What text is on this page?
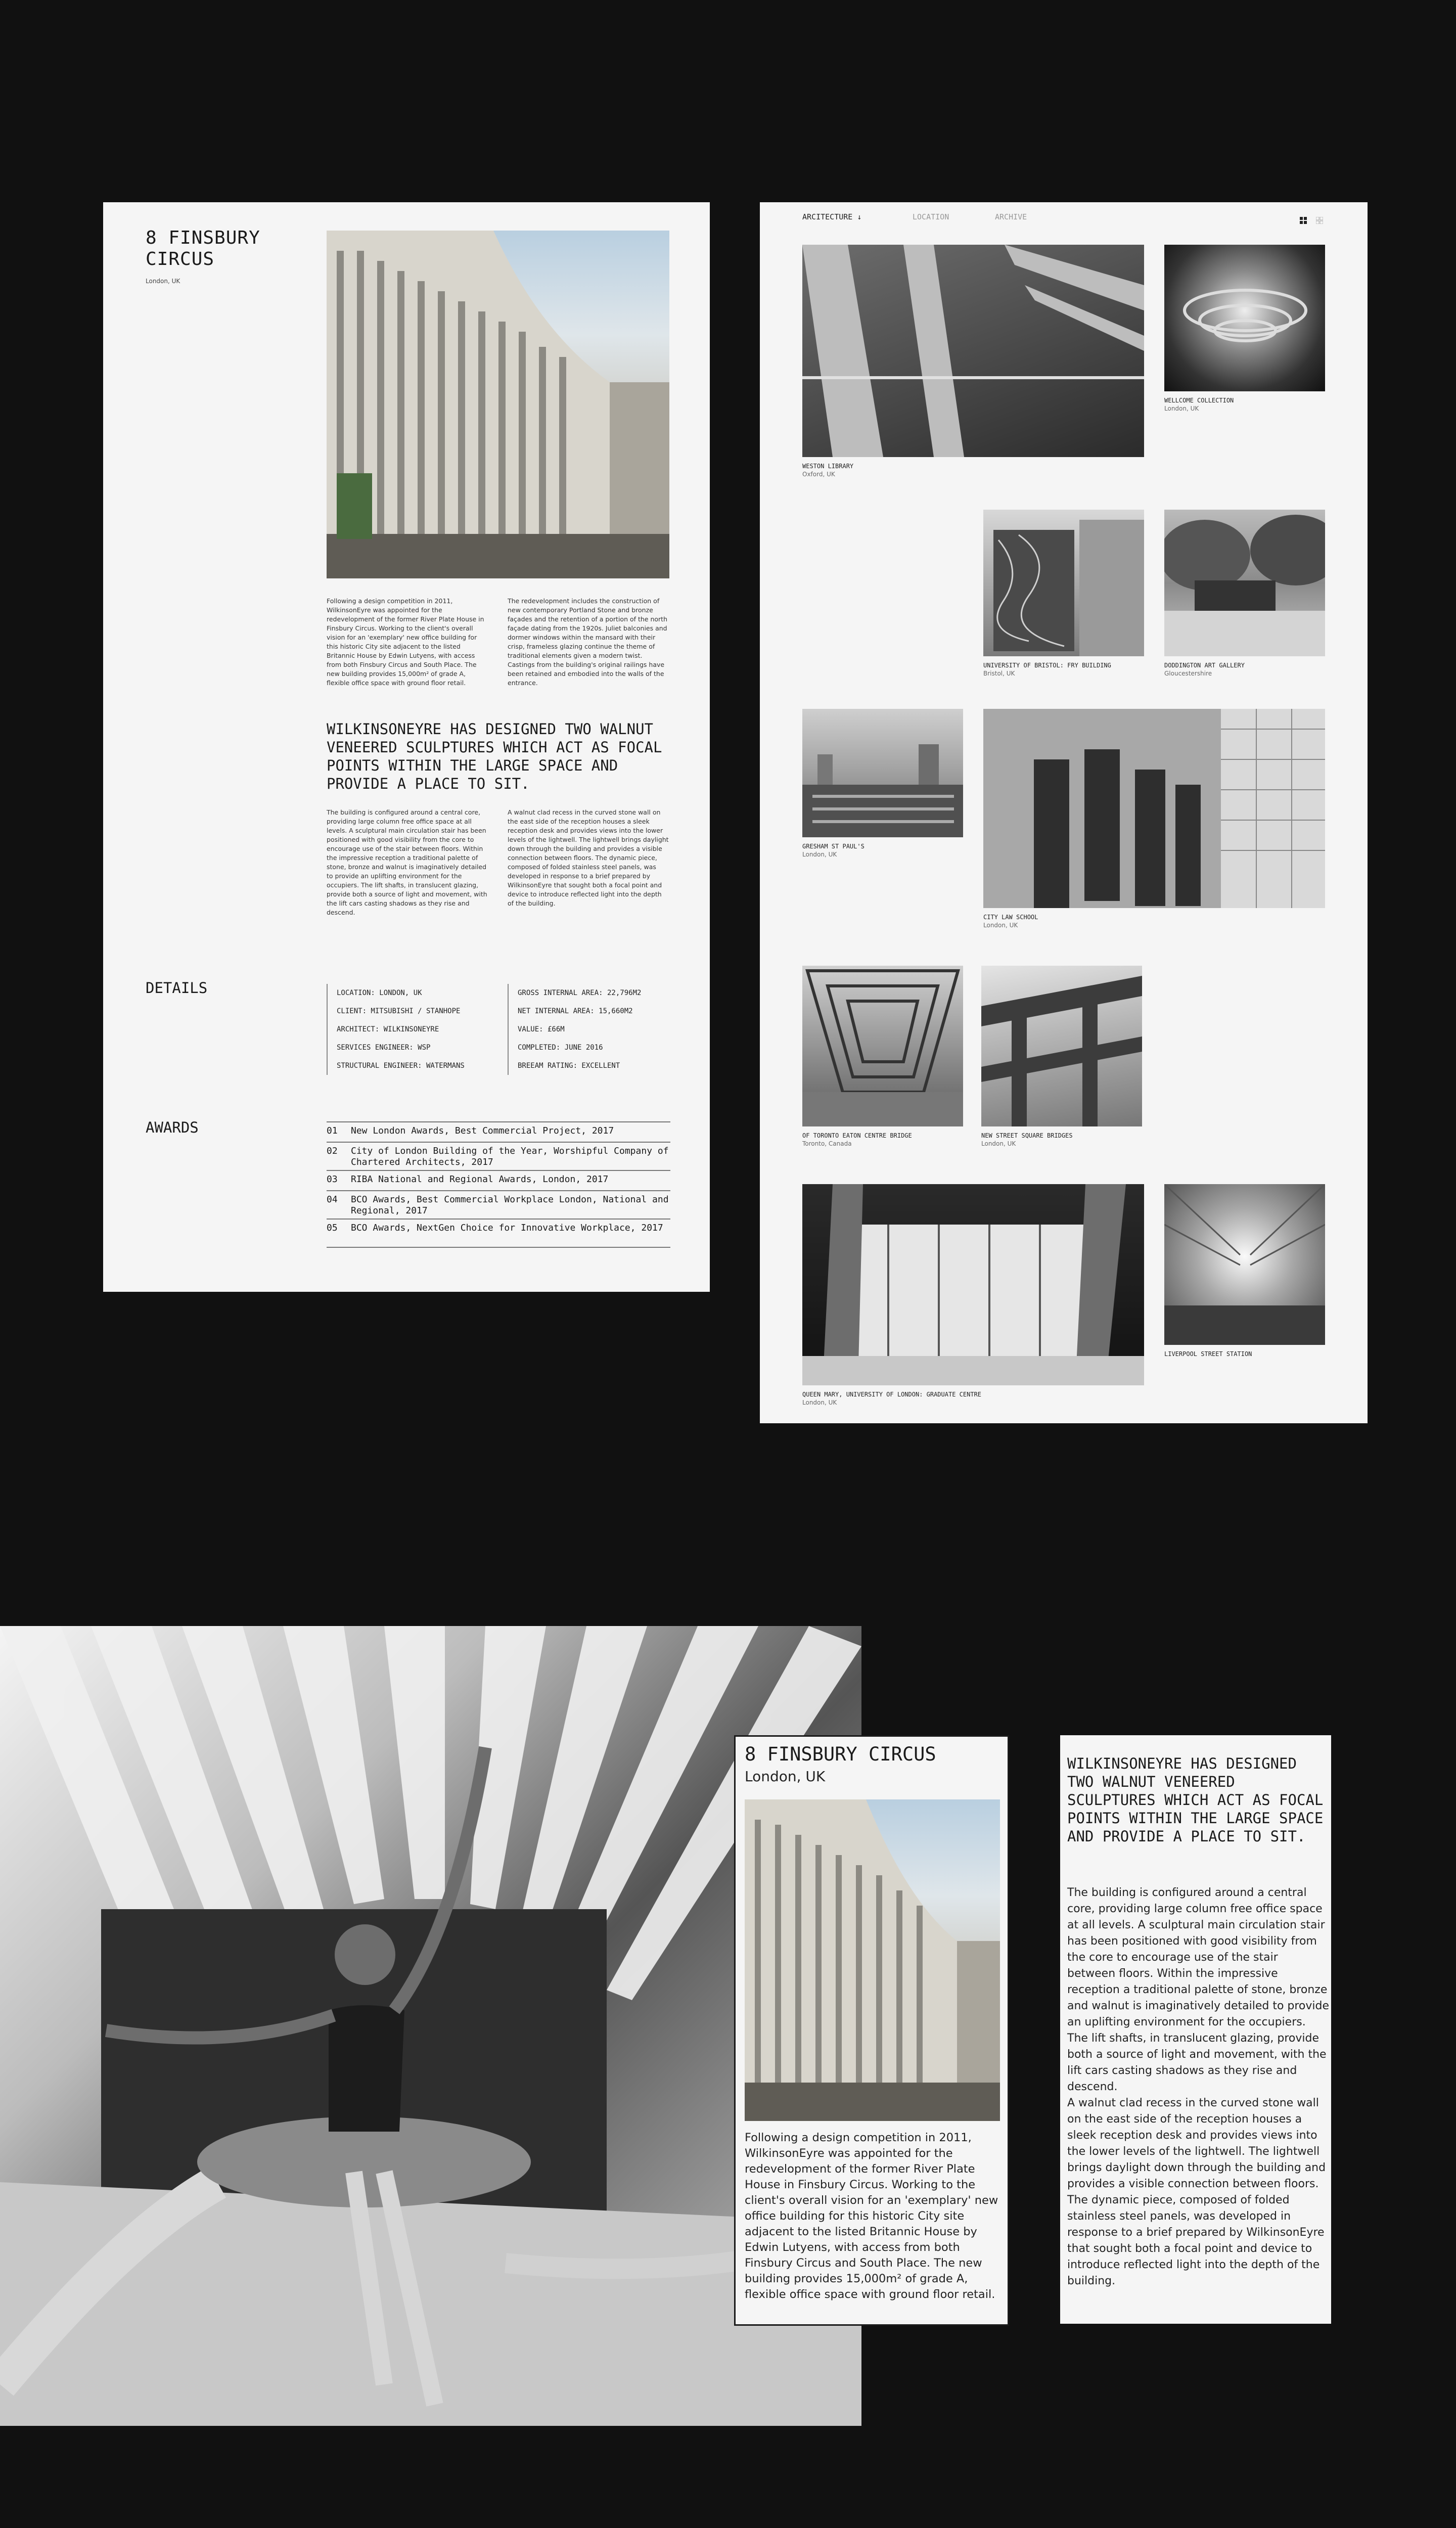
8 FINSBURY CIRCUS
London, UK
Following a design competition in 2011, WilkinsonEyre was appointed for the redevelopment of the former River Plate House in Finsbury Circus. Working to the client's overall vision for an 'exemplary' new office building for this historic City site adjacent to the listed Britannic House by Edwin Lutyens, with access from both Finsbury Circus and South Place. The new building provides 15,000m² of grade A, flexible office space with ground floor retail.
The redevelopment includes the construction of new contemporary Portland Stone and bronze façades and the retention of a portion of the north façade dating from the 1920s. Juliet balconies and dormer windows within the mansard with their crisp, frameless glazing continue the theme of traditional elements given a modern twist. Castings from the building's original railings have been retained and embodied into the walls of the entrance.
WILKINSONEYRE HAS DESIGNED TWO WALNUT VENEERED SCULPTURES WHICH ACT AS FOCAL POINTS WITHIN THE LARGE SPACE AND PROVIDE A PLACE TO SIT.
The building is configured around a central core, providing large column free office space at all levels. A sculptural main circulation stair has been positioned with good visibility from the core to encourage use of the stair between floors. Within the impressive reception a traditional palette of stone, bronze and walnut is imaginatively detailed to provide an uplifting environment for the occupiers. The lift shafts, in translucent glazing, provide both a source of light and movement, with the lift cars casting shadows as they rise and descend.
A walnut clad recess in the curved stone wall on the east side of the reception houses a sleek reception desk and provides views into the lower levels of the lightwell. The lightwell brings daylight down through the building and provides a visible connection between floors. The dynamic piece, composed of folded stainless steel panels, was developed in response to a brief prepared by WilkinsonEyre that sought both a focal point and device to introduce reflected light into the depth of the building.
DETAILS	LOCATION: LONDON, UK
CLIENT: MITSUBISHI / STANHOPE
ARCHITECT: WILKINSONEYRE
SERVICES ENGINEER: WSP
STRUCTURAL ENGINEER: WATERMANS
GROSS INTERNAL AREA: 22,796M2
NET INTERNAL AREA: 15,660M2
VALUE: £66M
COMPLETED: JUNE 2016
BREEAM RATING: EXCELLENT
AWARDS	01	New London Awards, Best Commercial Project, 2017
02	City of London Building of the Year, Worshipful Company of Chartered Architects, 2017
03	RIBA National and Regional Awards, London, 2017
04	BCO Awards, Best Commercial Workplace London, National and Regional, 2017
05	BCO Awards, NextGen Choice for Innovative Workplace, 2017
ARCITECTURE ↓	LOCATION	ARCHIVE
WESTON LIBRARY
Oxford, UK
WELLCOME COLLECTION
London, UK
UNIVERSITY OF BRISTOL: FRY BUILDING
Bristol, UK
DODDINGTON ART GALLERY
Gloucestershire
GRESHAM ST PAUL'S
London, UK
CITY LAW SCHOOL
London, UK
OF TORONTO EATON CENTRE BRIDGE
Toronto, Canada
NEW STREET SQUARE BRIDGES
London, UK
QUEEN MARY, UNIVERSITY OF LONDON: GRADUATE CENTRE
London, UK
LIVERPOOL STREET STATION
8 FINSBURY CIRCUS
London, UK
Following a design competition in 2011, WilkinsonEyre was appointed for the redevelopment of the former River Plate House in Finsbury Circus. Working to the client's overall vision for an 'exemplary' new office building for this historic City site adjacent to the listed Britannic House by Edwin Lutyens, with access from both Finsbury Circus and South Place. The new building provides 15,000m² of grade A, flexible office space with ground floor retail.
WILKINSONEYRE HAS DESIGNED TWO WALNUT VENEERED SCULPTURES WHICH ACT AS FOCAL POINTS WITHIN THE LARGE SPACE AND PROVIDE A PLACE TO SIT.
The building is configured around a central core, providing large column free office space at all levels. A sculptural main circulation stair has been positioned with good visibility from the core to encourage use of the stair between floors. Within the impressive reception a traditional palette of stone, bronze and walnut is imaginatively detailed to provide an uplifting environment for the occupiers. The lift shafts, in translucent glazing, provide both a source of light and movement, with the lift cars casting shadows as they rise and descend.
A walnut clad recess in the curved stone wall on the east side of the reception houses a sleek reception desk and provides views into the lower levels of the lightwell. The lightwell brings daylight down through the building and provides a visible connection between floors. The dynamic piece, composed of folded stainless steel panels, was developed in response to a brief prepared by WilkinsonEyre that sought both a focal point and device to introduce reflected light into the depth of the building.
